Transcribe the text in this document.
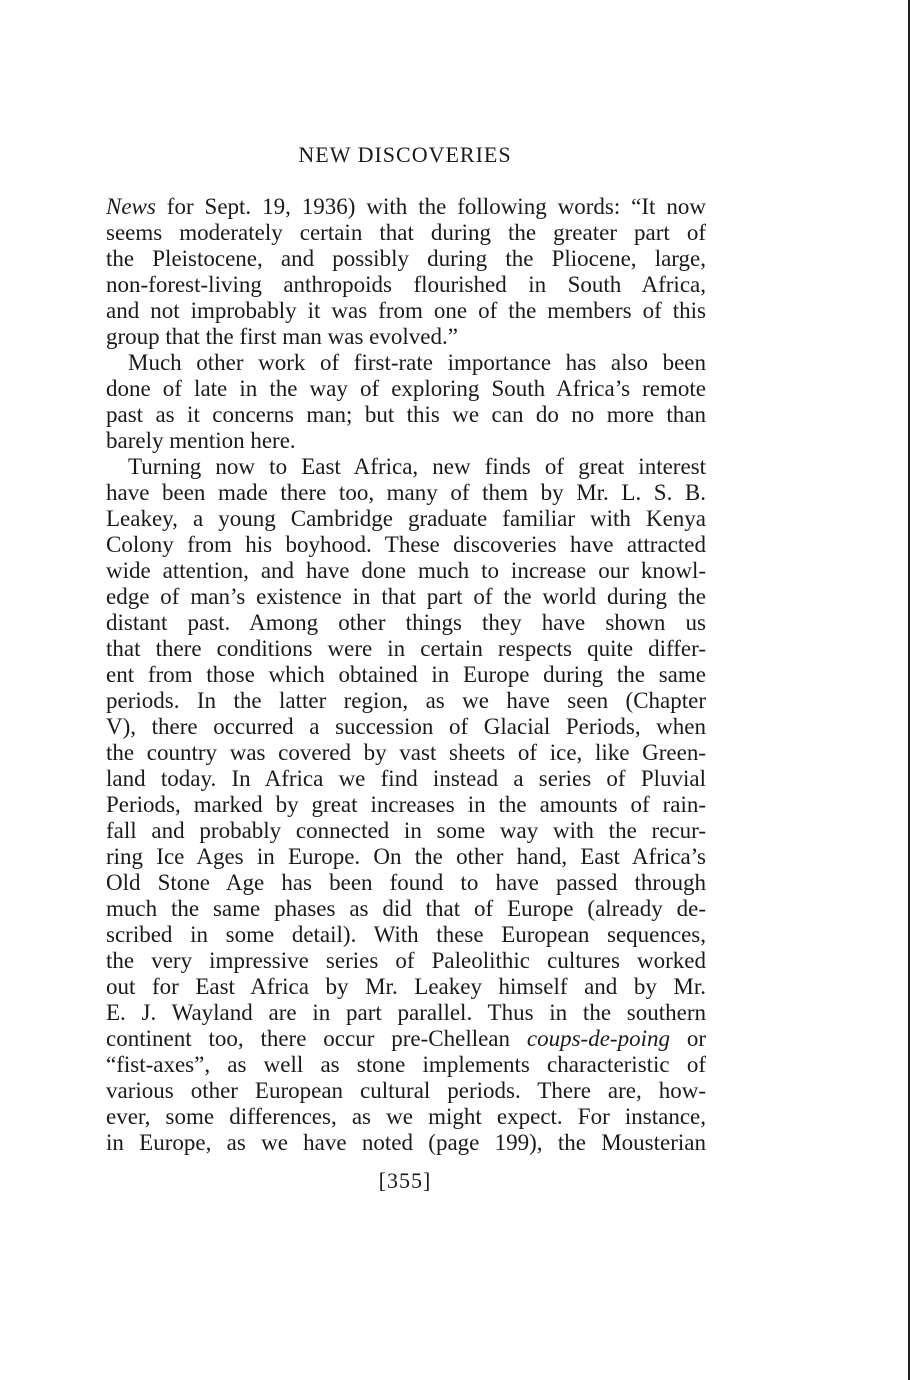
NEW DISCOVERIES
News for Sept. 19, 1936) with the following words: “It now
seems moderately certain that during the greater part of
the Pleistocene, and possibly during the Pliocene, large,
non-forest-living anthropoids flourished in South Africa,
and not improbably it was from one of the members of this
group that the first man was evolved.”
Much other work of first-rate importance has also been
done of late in the way of exploring South Africa’s remote
past as it concerns man; but this we can do no more than
barely mention here.
Turning now to East Africa, new finds of great interest
have been made there too, many of them by Mr. L. S. B.
Leakey, a young Cambridge graduate familiar with Kenya
Colony from his boyhood. These discoveries have attracted
wide attention, and have done much to increase our knowl-
edge of man’s existence in that part of the world during the
distant past. Among other things they have shown us
that there conditions were in certain respects quite differ-
ent from those which obtained in Europe during the same
periods. In the latter region, as we have seen (Chapter
V), there occurred a succession of Glacial Periods, when
the country was covered by vast sheets of ice, like Green-
land today. In Africa we find instead a series of Pluvial
Periods, marked by great increases in the amounts of rain-
fall and probably connected in some way with the recur-
ring Ice Ages in Europe. On the other hand, East Africa’s
Old Stone Age has been found to have passed through
much the same phases as did that of Europe (already de-
scribed in some detail). With these European sequences,
the very impressive series of Paleolithic cultures worked
out for East Africa by Mr. Leakey himself and by Mr.
E. J. Wayland are in part parallel. Thus in the southern
continent too, there occur pre-Chellean coups-de-poing or
“fist-axes”, as well as stone implements characteristic of
various other European cultural periods. There are, how-
ever, some differences, as we might expect. For instance,
in Europe, as we have noted (page 199), the Mousterian
[355]
